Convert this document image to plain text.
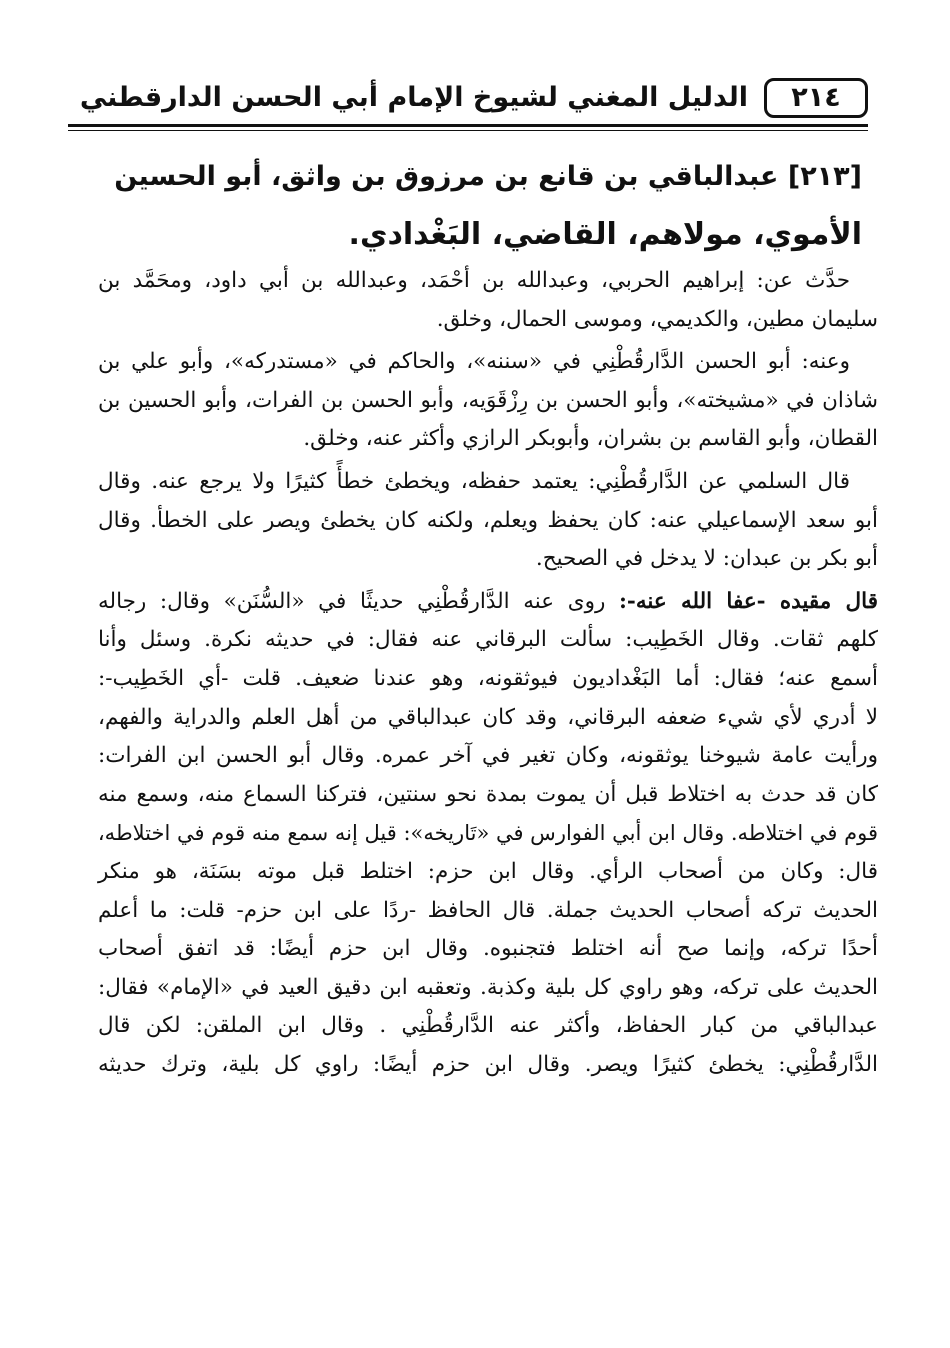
٢١٤
الدليل المغني لشيوخ الإمام أبي الحسن الدارقطني
[٢١٣] عبدالباقي بن قانع بن مرزوق بن واثق، أبو الحسين
الأموي، مولاهم، القاضي، البَغْدادي.
حدَّث عن: إبراهيم الحربي، وعبدالله بن أحْمَد، وعبدالله بن أبي داود، ومحَمَّد بن
سليمان مطين، والكديمي، وموسى الحمال، وخلق.
وعنه: أبو الحسن الدَّارقُطْنِي في «سننه»، والحاكم في «مستدركه»، وأبو علي بن
شاذان في «مشيخته»، وأبو الحسن بن رِزْقَوَيه، وأبو الحسن بن الفرات، وأبو الحسين بن
القطان، وأبو القاسم بن بشران، وأبوبكر الرازي وأكثر عنه، وخلق.
قال السلمي عن الدَّارقُطْنِي: يعتمد حفظه، ويخطئ خطأً كثيرًا ولا يرجع عنه. وقال
أبو سعد الإسماعيلي عنه: كان يحفظ ويعلم، ولكنه كان يخطئ ويصر على الخطأ. وقال
أبو بكر بن عبدان: لا يدخل في الصحيح.
قال مقيده -عفا الله عنه-: روى عنه الدَّارقُطْنِي حديثًا في «السُّنَن» وقال: رجاله
كلهم ثقات. وقال الخَطِيب: سألت البرقاني عنه فقال: في حديثه نكرة. وسئل وأنا
أسمع عنه؛ فقال: أما البَغْداديون فيوثقونه، وهو عندنا ضعيف. قلت -أي الخَطِيب-:
لا أدري لأي شيء ضعفه البرقاني، وقد كان عبدالباقي من أهل العلم والدراية والفهم،
ورأيت عامة شيوخنا يوثقونه، وكان تغير في آخر عمره. وقال أبو الحسن ابن الفرات:
كان قد حدث به اختلاط قبل أن يموت بمدة نحو سنتين، فتركنا السماع منه، وسمع منه
قوم في اختلاطه. وقال ابن أبي الفوارس في «تَاريخه»: قيل إنه سمع منه قوم في اختلاطه،
قال: وكان من أصحاب الرأي. وقال ابن حزم: اختلط قبل موته بسَنَة، هو منكر
الحديث تركه أصحاب الحديث جملة. قال الحافظ -ردًا على ابن حزم- قلت: ما أعلم
أحدًا تركه، وإنما صح أنه اختلط فتجنبوه. وقال ابن حزم أيضًا: قد اتفق أصحاب
الحديث على تركه، وهو راوي كل بلية وكذبة. وتعقبه ابن دقيق العيد في «الإمام» فقال:
عبدالباقي من كبار الحفاظ، وأكثر عنه الدَّارقُطْنِي . وقال ابن الملقن: لكن قال
الدَّارقُطْنِي: يخطئ كثيرًا ويصر. وقال ابن حزم أيضًا: راوي كل بلية، وترك حديثه
